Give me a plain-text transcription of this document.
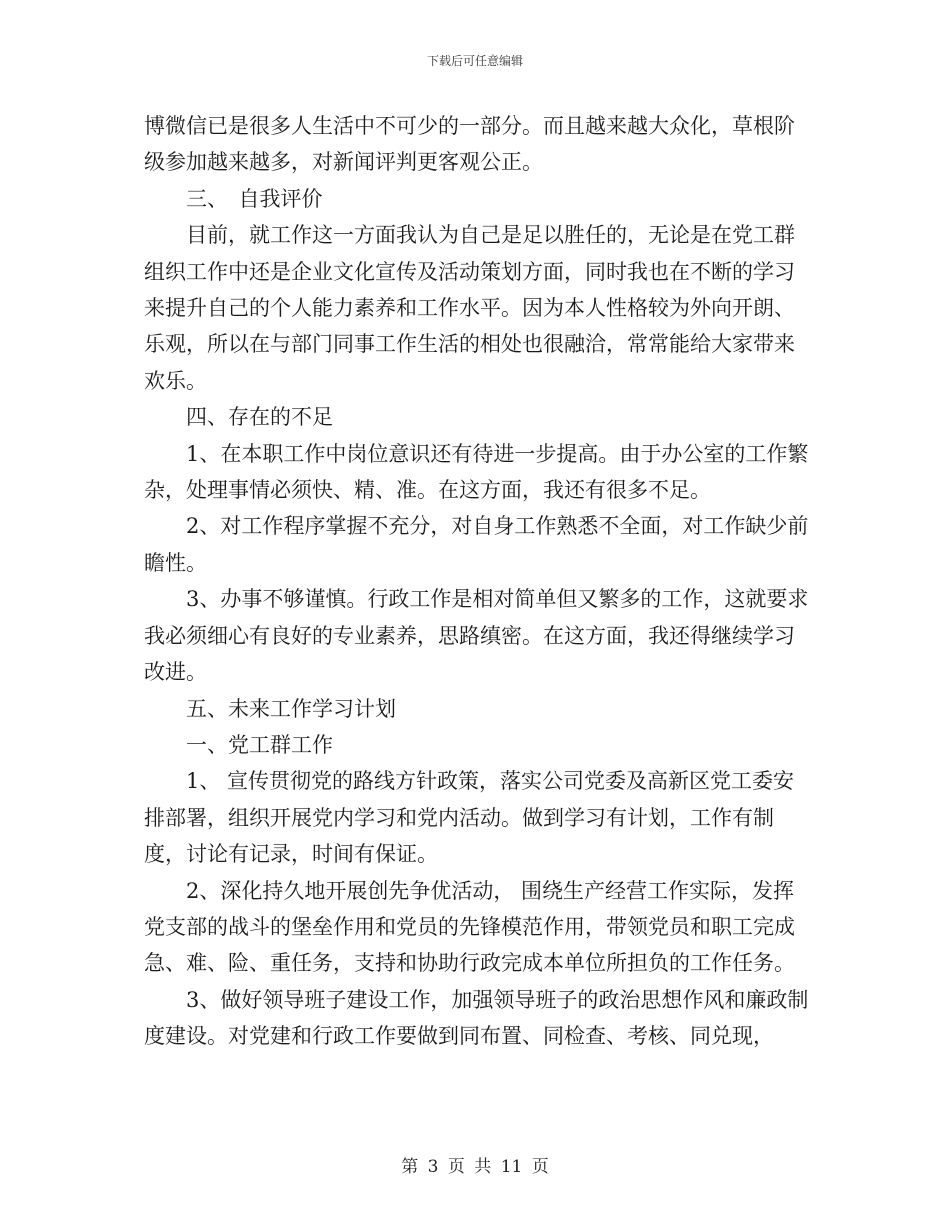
下载后可任意编辑

博微信已是很多人生活中不可少的一部分。而且越来越大众化，草根阶级参加越来越多，对新闻评判更客观公正。

三、　自我评价

目前，就工作这一方面我认为自己是足以胜任的，无论是在党工群组织工作中还是企业文化宣传及活动策划方面，同时我也在不断的学习来提升自己的个人能力素养和工作水平。因为本人性格较为外向开朗、乐观，所以在与部门同事工作生活的相处也很融洽，常常能给大家带来欢乐。

四、存在的不足

1、在本职工作中岗位意识还有待进一步提高。由于办公室的工作繁杂，处理事情必须快、精、准。在这方面，我还有很多不足。

2、对工作程序掌握不充分，对自身工作熟悉不全面，对工作缺少前瞻性。

3、办事不够谨慎。行政工作是相对简单但又繁多的工作，这就要求我必须细心有良好的专业素养，思路缜密。在这方面，我还得继续学习改进。

五、未来工作学习计划

一、党工群工作

1、 宣传贯彻党的路线方针政策，落实公司党委及高新区党工委安排部署，组织开展党内学习和党内活动。做到学习有计划，工作有制度，讨论有记录，时间有保证。

2、深化持久地开展创先争优活动， 围绕生产经营工作实际，发挥党支部的战斗的堡垒作用和党员的先锋模范作用，带领党员和职工完成急、难、险、重任务，支持和协助行政完成本单位所担负的工作任务。

3、做好领导班子建设工作，加强领导班子的政治思想作风和廉政制度建设。对党建和行政工作要做到同布置、同检查、考核、同兑现，

第 3 页 共 11 页
